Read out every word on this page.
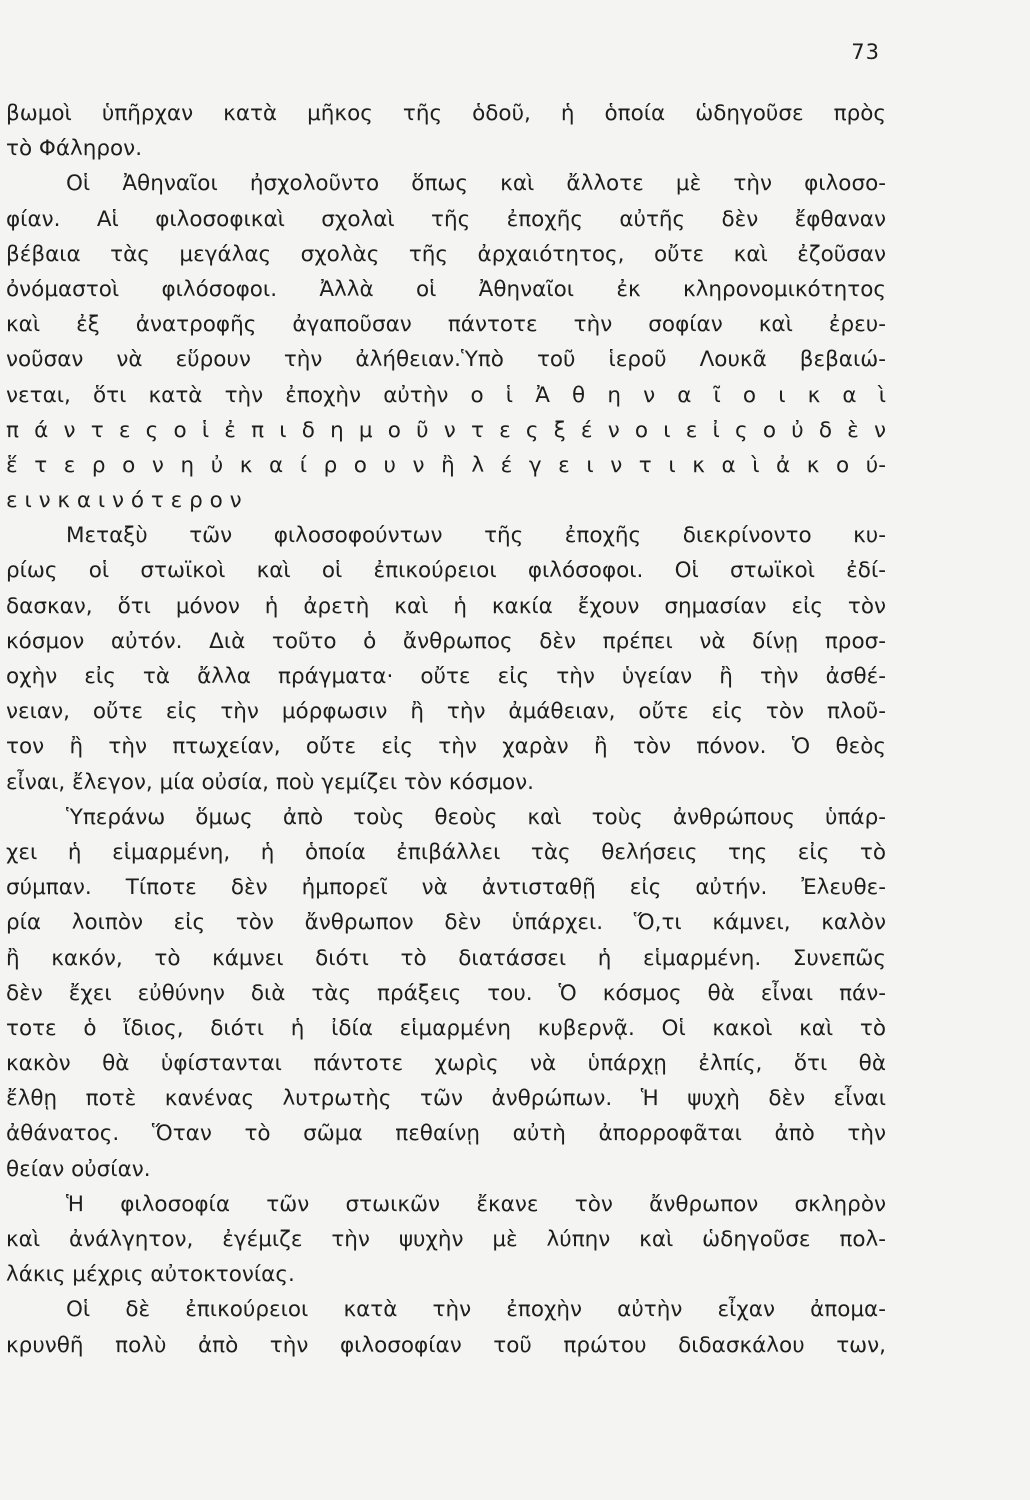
73
βωμοὶ ὑπῆρχαν κατὰ μῆκος τῆς ὁδοῦ, ἡ ὁποία ὡδηγοῦσε πρὸς
τὸ Φάληρον.
Οἱ Ἀθηναῖοι ἠσχολοῦντο ὅπως καὶ ἄλλοτε μὲ τὴν φιλοσο-
φίαν. Αἱ φιλοσοφικαὶ σχολαὶ τῆς ἐποχῆς αὐτῆς δὲν ἔφθαναν
βέβαια τὰς μεγάλας σχολὰς τῆς ἀρχαιότητος, οὔτε καὶ ἐζοῦσαν
ὀνόμαστοὶ φιλόσοφοι. Ἀλλὰ οἱ Ἀθηναῖοι ἐκ κληρονομικότητος
καὶ ἐξ ἀνατροφῆς ἀγαποῦσαν πάντοτε τὴν σοφίαν καὶ ἐρευ-
νοῦσαν νὰ εὕρουν τὴν ἀλήθειαν.Ὑπὸ τοῦ ἱεροῦ Λουκᾶ βεβαιώ-
νεται, ὅτι κατὰ τὴν ἐποχὴν αὐτὴν ο ἱ Ἀ θ η ν α ῖ ο ι κ α ὶ
π ά ν τ ε ς ο ἱ ἐ π ι δ η μ ο ῦ ν τ ε ς ξ έ ν ο ι ε ἰ ς ο ὐ δ ὲ ν
ἕ τ ε ρ ο ν η ὐ κ α ί ρ ο υ ν ἢ λ έ γ ε ι ν τ ι κ α ὶ ἀ κ ο ύ-
ε ι ν κ α ι ν ό τ ε ρ ο ν
Μεταξὺ τῶν φιλοσοφούντων τῆς ἐποχῆς διεκρίνοντο κυ-
ρίως οἱ στωϊκοὶ καὶ οἱ ἐπικούρειοι φιλόσοφοι. Οἱ στωϊκοὶ ἐδί-
δασκαν, ὅτι μόνον ἡ ἀρετὴ καὶ ἡ κακία ἔχουν σημασίαν εἰς τὸν
κόσμον αὐτόν. Διὰ τοῦτο ὁ ἄνθρωπος δὲν πρέπει νὰ δίνῃ προσ-
οχὴν εἰς τὰ ἄλλα πράγματα· οὔτε εἰς τὴν ὑγείαν ἢ τὴν ἀσθέ-
νειαν, οὔτε εἰς τὴν μόρφωσιν ἢ τὴν ἀμάθειαν, οὔτε εἰς τὸν πλοῦ-
τον ἢ τὴν πτωχείαν, οὔτε εἰς τὴν χαρὰν ἢ τὸν πόνον. Ὁ θεὸς
εἶναι, ἔλεγον, μία οὐσία, ποὺ γεμίζει τὸν κόσμον.
Ὑπεράνω ὅμως ἀπὸ τοὺς θεοὺς καὶ τοὺς ἀνθρώπους ὑπάρ-
χει ἡ εἱμαρμένη, ἡ ὁποία ἐπιβάλλει τὰς θελήσεις της εἰς τὸ
σύμπαν. Τίποτε δὲν ἠμπορεῖ νὰ ἀντισταθῇ εἰς αὐτήν. Ἐλευθε-
ρία λοιπὸν εἰς τὸν ἄνθρωπον δὲν ὑπάρχει. Ὅ,τι κάμνει, καλὸν
ἢ κακόν, τὸ κάμνει διότι τὸ διατάσσει ἡ εἱμαρμένη. Συνεπῶς
δὲν ἔχει εὐθύνην διὰ τὰς πράξεις του. Ὁ κόσμος θὰ εἶναι πάν-
τοτε ὁ ἴδιος, διότι ἡ ἰδία εἱμαρμένη κυβερνᾷ. Οἱ κακοὶ καὶ τὸ
κακὸν θὰ ὑφίστανται πάντοτε χωρὶς νὰ ὑπάρχῃ ἐλπίς, ὅτι θὰ
ἔλθῃ ποτὲ κανένας λυτρωτὴς τῶν ἀνθρώπων. Ἡ ψυχὴ δὲν εἶναι
ἀθάνατος. Ὅταν τὸ σῶμα πεθαίνῃ αὐτὴ ἀπορροφᾶται ἀπὸ τὴν
θείαν οὐσίαν.
Ἡ φιλοσοφία τῶν στωικῶν ἔκανε τὸν ἄνθρωπον σκληρὸν
καὶ ἀνάλγητον, ἐγέμιζε τὴν ψυχὴν μὲ λύπην καὶ ὡδηγοῦσε πολ-
λάκις μέχρις αὐτοκτονίας.
Οἱ δὲ ἐπικούρειοι κατὰ τὴν ἐποχὴν αὐτὴν εἶχαν ἀπομα-
κρυνθῆ πολὺ ἀπὸ τὴν φιλοσοφίαν τοῦ πρώτου διδασκάλου των,
